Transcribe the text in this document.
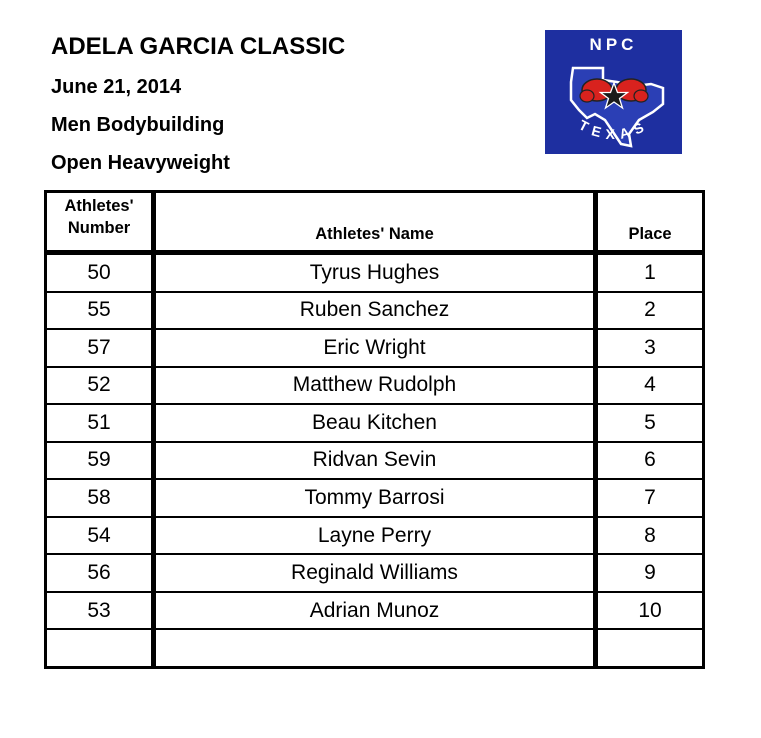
ADELA GARCIA CLASSIC
June 21, 2014
Men Bodybuilding
Open Heavyweight
NPC
TEXAS
Athletes'
Number	Athletes' Name	Place

50	Tyrus Hughes	1
55	Ruben Sanchez	2
57	Eric Wright	3
52	Matthew Rudolph	4
51	Beau Kitchen	5
59	Ridvan Sevin	6
58	Tommy Barrosi	7
54	Layne Perry	8
56	Reginald Williams	9
53	Adrian Munoz	10
